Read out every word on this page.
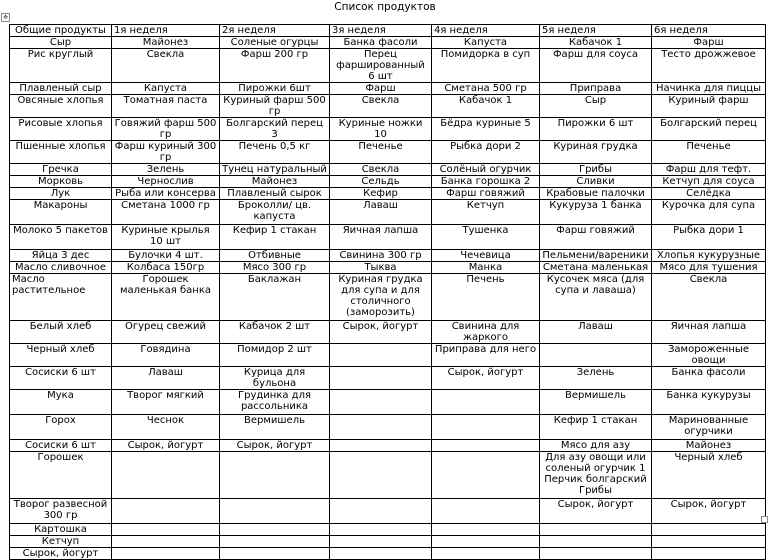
Список продуктов
✥
Общие продукты	1я неделя	2я неделя	3я неделя	4я неделя	5я неделя	6я неделя
Сыр	Майонез	Соленые огурцы	Банка фасоли	Капуста	Кабачок 1	Фарш
Рис круглый	Свекла	Фарш 200 гр	Перец фаршированный 6 шт	Помидорка в суп	Фарш для соуса	Тесто дрожжевое
Плавленый сыр	Капуста	Пирожки 6шт	Фарш	Сметана 500 гр	Приправа	Начинка для пиццы
Овсяные хлопья	Томатная паста	Куриный фарш 500 гр	Свекла	Кабачок 1	Сыр	Куриный фарш
Рисовые хлопья	Говяжий фарш 500 гр	Болгарский перец 3	Куриные ножки 10	Бёдра куриные 5	Пирожки 6 шт	Болгарский перец
Пшенные хлопья	Фарш куриный 300 гр	Печень 0,5 кг	Печенье	Рыбка дори 2	Куриная грудка	Печенье
Гречка	Зелень	Тунец натуральный	Свекла	Солёный огурчик	Грибы	Фарш для тефт.
Морковь	Чернослив	Майонез	Сельдь	Банка горошка 2	Сливки	Кетчуп для соуса
Лук	Рыба или консерва	Плавленый сырок	Кефир	Фарш говяжий	Крабовые палочки	Селёдка
Макароны	Сметана 1000 гр	Броколли/ цв. капуста	Лаваш	Кетчуп	Кукуруза 1 банка	Курочка для супа
Молоко 5 пакетов	Куриные крылья 10 шт	Кефир 1 стакан	Яичная лапша	Тушенка	Фарш говяжий	Рыбка дори 1
Яйца 3 дес	Булочки 4 шт.	Отбивные	Свинина 300 гр	Чечевица	Пельмени/вареники	Хлопья кукурузные
Масло сливочное	Колбаса 150гр	Мясо 300 гр	Тыква	Манка	Сметана маленькая	Мясо для тушения
Масло растительное	Горошек маленькая банка	Баклажан	Куриная грудка для супа и для столичного (заморозить)	Печень	Кусочек мяса (для супа и лаваша)	Свекла
Белый хлеб	Огурец свежий	Кабачок 2 шт	Сырок, йогурт	Свинина для жаркого	Лаваш	Яичная лапша
Черный хлеб	Говядина	Помидор 2 шт		Приправа для него		Замороженные овощи
Сосиски 6 шт	Лаваш	Курица для бульона		Сырок, йогурт	Зелень	Банка фасоли
Мука	Творог мягкий	Грудинка для рассольника			Вермишель	Банка кукурузы
Горох	Чеснок	Вермишель			Кефир 1 стакан	Маринованные огурчики
Сосиски 6 шт	Сырок, йогурт	Сырок, йогурт			Мясо для азу	Майонез
Горошек					Для азу овощи или соленый огурчик 1 Перчик болгарский Грибы	Черный хлеб
Творог развесной 300 гр					Сырок, йогурт	Сырок, йогурт
Картошка						
Кетчуп						
Сырок, йогурт						
